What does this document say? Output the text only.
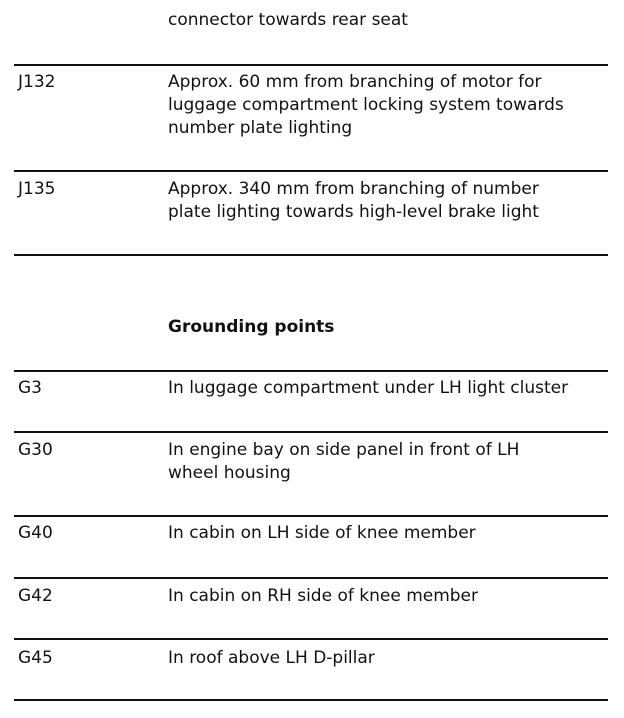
connector towards rear seat
J132	Approx. 60 mm from branching of motor for
luggage compartment locking system towards
number plate lighting
J135	Approx. 340 mm from branching of number
plate lighting towards high-level brake light
Grounding points
G3	In luggage compartment under LH light cluster
G30	In engine bay on side panel in front of LH
wheel housing
G40	In cabin on LH side of knee member
G42	In cabin on RH side of knee member
G45	In roof above LH D-pillar
